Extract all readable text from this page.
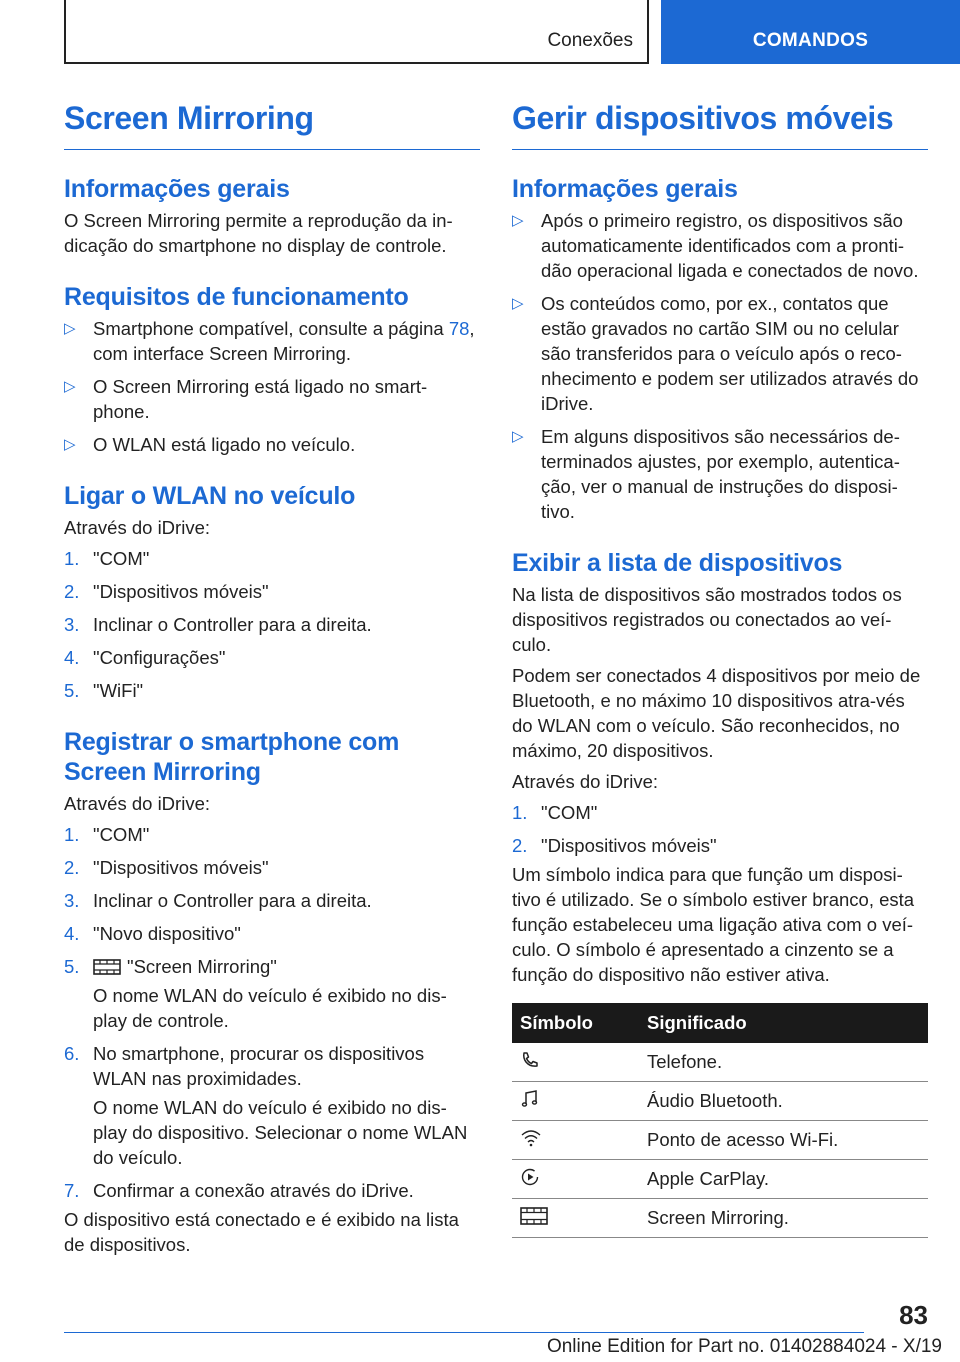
Conexões	COMANDOS
Screen Mirroring
Informações gerais

O Screen Mirroring permite a reprodução da in-dicação do smartphone no display de controle.

Requisitos de funcionamento
▷ Smartphone compatível, consulte a página 78, com interface Screen Mirroring.
▷ O Screen Mirroring está ligado no smart-phone.
▷ O WLAN está ligado no veículo.
Ligar o WLAN no veículo

Através do iDrive:

1. "COM"
2. "Dispositivos móveis"
3. Inclinar o Controller para a direita.
4. "Configurações"
5. "WiFi"
Registrar o smartphone com Screen Mirroring

Através do iDrive:

1. "COM"
2. "Dispositivos móveis"
3. Inclinar o Controller para a direita.
4. "Novo dispositivo"
5.	"Screen Mirroring"

O nome WLAN do veículo é exibido no dis-play de controle.

6. No smartphone, procurar os dispositivos WLAN nas proximidades.

O nome WLAN do veículo é exibido no dis-play do dispositivo. Selecionar o nome WLAN do veículo.

7. Confirmar a conexão através do iDrive.

O dispositivo está conectado e é exibido na lista de dispositivos.

Gerir dispositivos móveis
Informações gerais
▷ Após o primeiro registro, os dispositivos são automaticamente identificados com a pronti-dão operacional ligada e conectados de novo.
▷ Os conteúdos como, por ex., contatos que estão gravados no cartão SIM ou no celular são transferidos para o veículo após o reco-nhecimento e podem ser utilizados através do iDrive.
▷ Em alguns dispositivos são necessários de-terminados ajustes, por exemplo, autentica-ção, ver o manual de instruções do disposi-tivo.
Exibir a lista de dispositivos

Na lista de dispositivos são mostrados todos os dispositivos registrados ou conectados ao veí-culo.

Podem ser conectados 4 dispositivos por meio de Bluetooth, e no máximo 10 dispositivos atra-vés do WLAN com o veículo. São reconhecidos, no máximo, 20 dispositivos.

Através do iDrive:

1. "COM"
2. "Dispositivos móveis"

Um símbolo indica para que função um disposi-tivo é utilizado. Se o símbolo estiver branco, esta função estabeleceu uma ligação ativa com o veí-culo. O símbolo é apresentado a cinzento se a função do dispositivo não estiver ativa.

Símbolo	Significado
	Telefone.
	Áudio Bluetooth.
	Ponto de acesso Wi-Fi.
	Apple CarPlay.
	Screen Mirroring.
83
Online Edition for Part no. 01402884024 - X/19
